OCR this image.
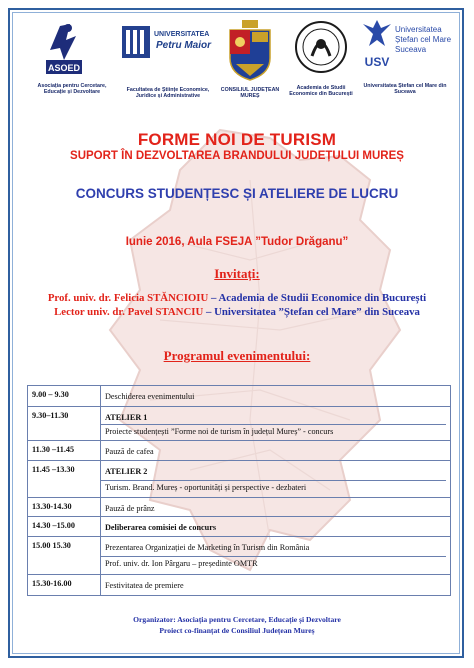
ASOED
Asociația pentru Cercetare, Educație și Dezvoltare
UNIVERSITATEA
Petru Maior
Facultatea de Științe Economice, Juridice și Administrative
CONSILIUL JUDEȚEAN MUREȘ
Academia de Studii Economice din București
USV
Universitatea
Ștefan cel Mare
Suceava
Universitatea Ștefan cel Mare din Suceava
FORME NOI DE TURISM
SUPORT ÎN DEZVOLTAREA BRANDULUI JUDEȚULUI MUREȘ
CONCURS STUDENȚESC ȘI ATELIERE DE LUCRU
Iunie 2016, Aula FSEJA ”Tudor Drăganu”
Invitați:
Prof. univ. dr. Felicia STĂNCIOIU – Academia de Studii Economice din București
Lector univ. dr. Pavel STANCIU – Universitatea ”Ștefan cel Mare” din Suceava
Programul evenimentului:
9.00 – 9.30	Deschiderea evenimentului
9.30–11.30	ATELIER 1
Proiecte studențești ”Forme noi de turism în județul Mureș” - concurs
11.30 –11.45	Pauză de cafea
11.45 –13.30	ATELIER 2
Turism. Brand. Mureș - oportunități și perspective - dezbateri
13.30-14.30	Pauză de prânz
14.30 –15.00	Deliberarea comisiei de concurs
15.00 15.30	Prezentarea Organizației de Marketing în Turism din România
Prof. univ. dr. Ion Pârgaru – președinte OMTR
15.30-16.00	Festivitatea de premiere
Organizator: Asociația pentru Cercetare, Educație și Dezvoltare
Proiect co-finanțat de Consiliul Județean Mureș
